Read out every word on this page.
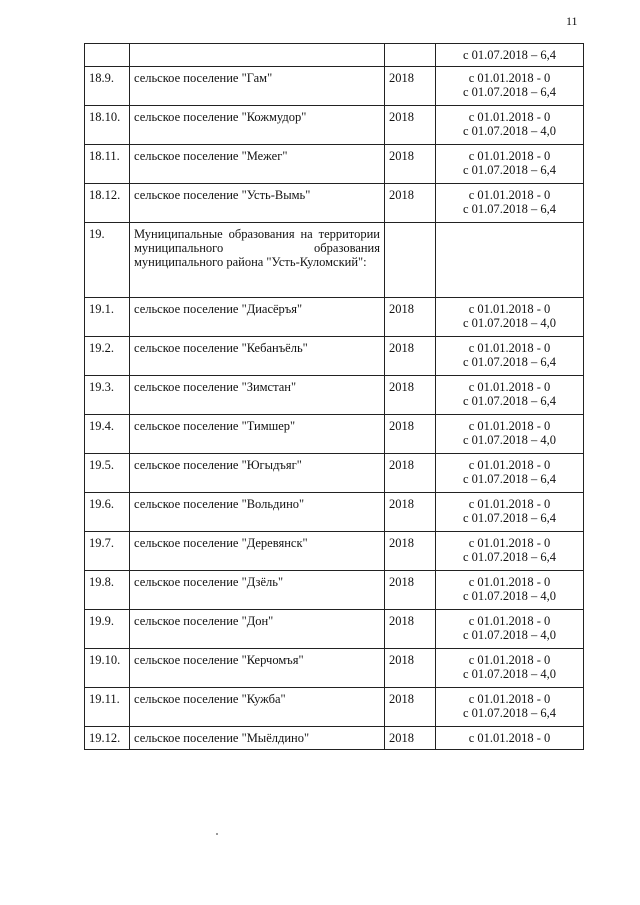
11

			с 01.07.2018 – 6,4

18.9.	сельское поселение "Гам"	2018	с 01.01.2018 - 0
с 01.07.2018 – 6,4

18.10.	сельское поселение "Кожмудор"	2018	с 01.01.2018 - 0
с 01.07.2018 – 4,0

18.11.	сельское поселение "Межег"	2018	с 01.01.2018 - 0
с 01.07.2018 – 6,4

18.12.	сельское поселение "Усть-Вымь"	2018	с 01.01.2018 - 0
с 01.07.2018 – 6,4

19.	Муниципальные образования на территории муниципального образования муниципального района "Усть-Куломский":		
19.1.	сельское поселение "Диасёръя"	2018	с 01.01.2018 - 0
с 01.07.2018 – 4,0

19.2.	сельское поселение "Кебанъёль"	2018	с 01.01.2018 - 0
с 01.07.2018 – 6,4

19.3.	сельское поселение "Зимстан"	2018	с 01.01.2018 - 0
с 01.07.2018 – 6,4

19.4.	сельское поселение "Тимшер"	2018	с 01.01.2018 - 0
с 01.07.2018 – 4,0

19.5.	сельское поселение "Югыдъяг"	2018	с 01.01.2018 - 0
с 01.07.2018 – 6,4

19.6.	сельское поселение "Вольдино"	2018	с 01.01.2018 - 0
с 01.07.2018 – 6,4

19.7.	сельское поселение "Деревянск"	2018	с 01.01.2018 - 0
с 01.07.2018 – 6,4

19.8.	сельское поселение "Дзёль"	2018	с 01.01.2018 - 0
с 01.07.2018 – 4,0

19.9.	сельское поселение "Дон"	2018	с 01.01.2018 - 0
с 01.07.2018 – 4,0

19.10.	сельское поселение "Керчомъя"	2018	с 01.01.2018 - 0
с 01.07.2018 – 4,0

19.11.	сельское поселение "Кужба"	2018	с 01.01.2018 - 0
с 01.07.2018 – 6,4

19.12.	сельское поселение "Мыёлдино"	2018	с 01.01.2018 - 0
